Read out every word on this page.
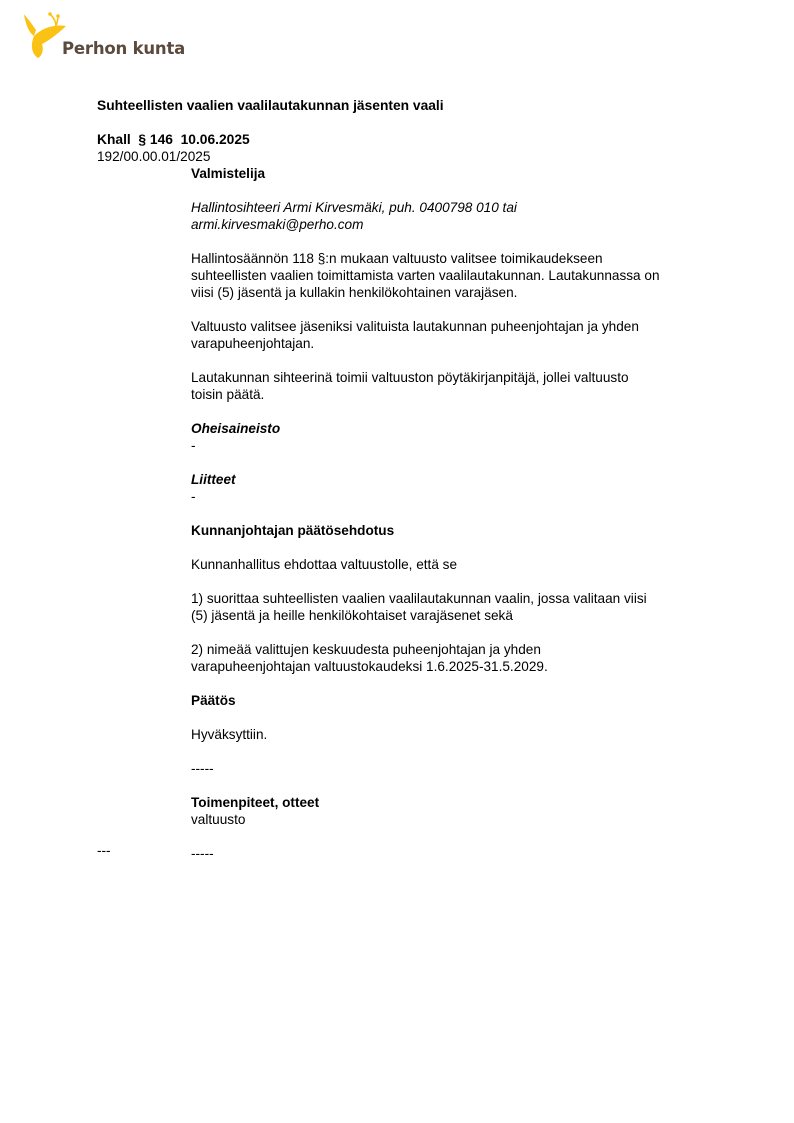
Perhon kunta
Suhteellisten vaalien vaalilautakunnan jäsenten vaali
Khall § 146 10.06.2025
192/00.00.01/2025

Valmistelija

Hallintosihteeri Armi Kirvesmäki, puh. 0400798 010 tai

armi.kirvesmaki@perho.com

Hallintosäännön 118 §:n mukaan valtuusto valitsee toimikaudekseen

suhteellisten vaalien toimittamista varten vaalilautakunnan. Lautakunnassa on

viisi (5) jäsentä ja kullakin henkilökohtainen varajäsen.

Valtuusto valitsee jäseniksi valituista lautakunnan puheenjohtajan ja yhden

varapuheenjohtajan.

Lautakunnan sihteerinä toimii valtuuston pöytäkirjanpitäjä, jollei valtuusto

toisin päätä.

Oheisaineisto

-

Liitteet

-

Kunnanjohtajan päätösehdotus

Kunnanhallitus ehdottaa valtuustolle, että se

1) suorittaa suhteellisten vaalien vaalilautakunnan vaalin, jossa valitaan viisi

(5) jäsentä ja heille henkilökohtaiset varajäsenet sekä

2) nimeää valittujen keskuudesta puheenjohtajan ja yhden

varapuheenjohtajan valtuustokaudeksi 1.6.2025-31.5.2029.

Päätös

Hyväksyttiin.

-----

Toimenpiteet, otteet

valtuusto

-----

---
